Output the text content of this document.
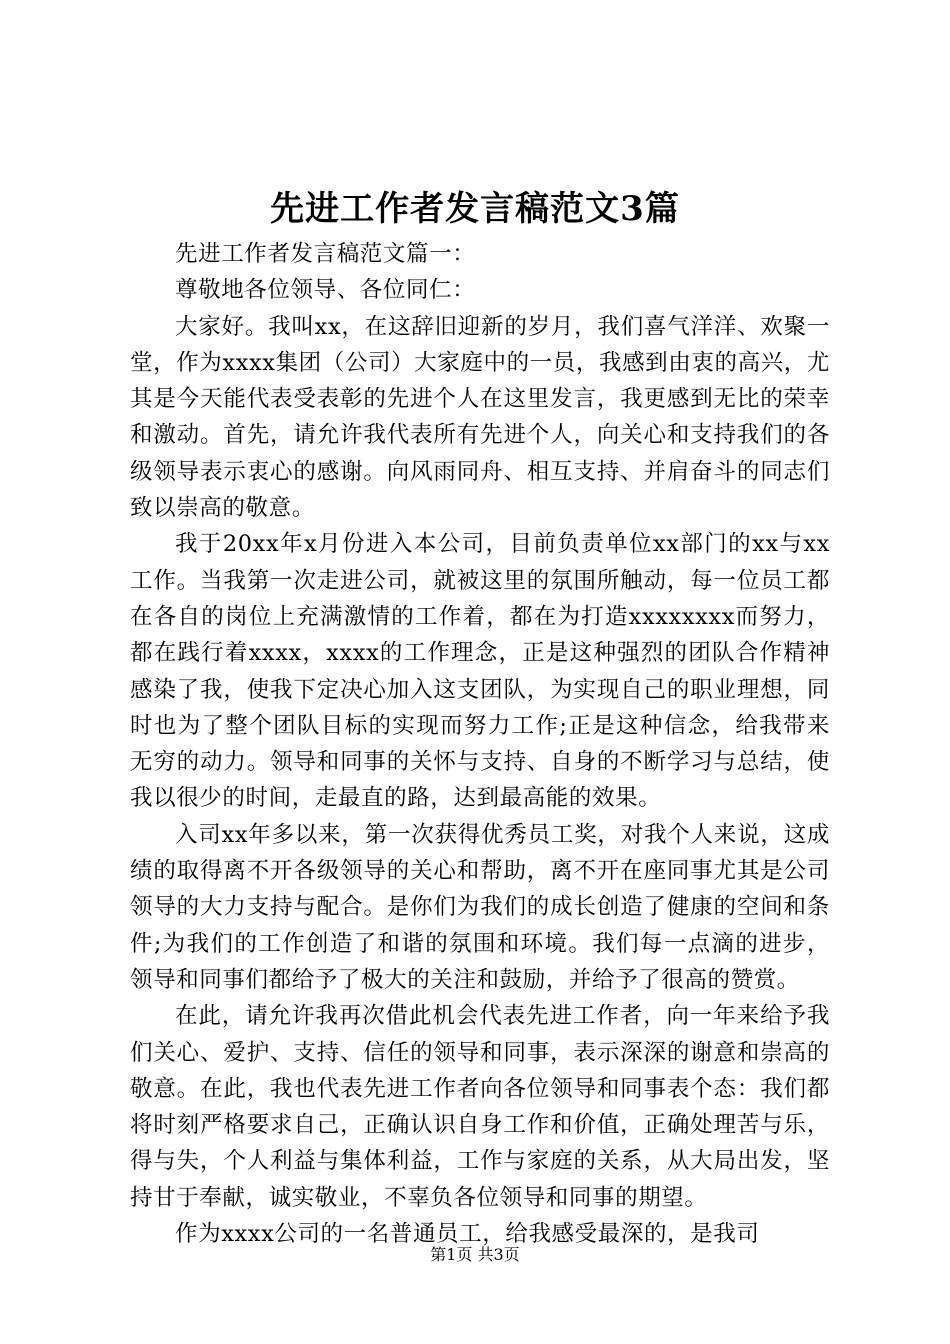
先进工作者发言稿范文3篇

先进工作者发言稿范文篇一：

尊敬地各位领导、各位同仁：

大家好。我叫xx，在这辞旧迎新的岁月，我们喜气洋洋、欢聚一堂，作为xxxx集团（公司）大家庭中的一员，我感到由衷的高兴，尤其是今天能代表受表彰的先进个人在这里发言，我更感到无比的荣幸和激动。首先，请允许我代表所有先进个人，向关心和支持我们的各级领导表示衷心的感谢。向风雨同舟、相互支持、并肩奋斗的同志们致以崇高的敬意。

我于20xx年x月份进入本公司，目前负责单位xx部门的xx与xx工作。当我第一次走进公司，就被这里的氛围所触动，每一位员工都在各自的岗位上充满激情的工作着，都在为打造xxxxxxxx而努力，都在践行着xxxx，xxxx的工作理念，正是这种强烈的团队合作精神感染了我，使我下定决心加入这支团队，为实现自己的职业理想，同时也为了整个团队目标的实现而努力工作;正是这种信念，给我带来无穷的动力。领导和同事的关怀与支持、自身的不断学习与总结，使我以很少的时间，走最直的路，达到最高能的效果。

入司xx年多以来，第一次获得优秀员工奖，对我个人来说，这成绩的取得离不开各级领导的关心和帮助，离不开在座同事尤其是公司领导的大力支持与配合。是你们为我们的成长创造了健康的空间和条件;为我们的工作创造了和谐的氛围和环境。我们每一点滴的进步，领导和同事们都给予了极大的关注和鼓励，并给予了很高的赞赏。

在此，请允许我再次借此机会代表先进工作者，向一年来给予我们关心、爱护、支持、信任的领导和同事，表示深深的谢意和崇高的敬意。在此，我也代表先进工作者向各位领导和同事表个态：我们都将时刻严格要求自己，正确认识自身工作和价值，正确处理苦与乐，得与失，个人利益与集体利益，工作与家庭的关系，从大局出发，坚持甘于奉献，诚实敬业，不辜负各位领导和同事的期望。

作为xxxx公司的一名普通员工，给我感受最深的，是我司

第1页 共3页
